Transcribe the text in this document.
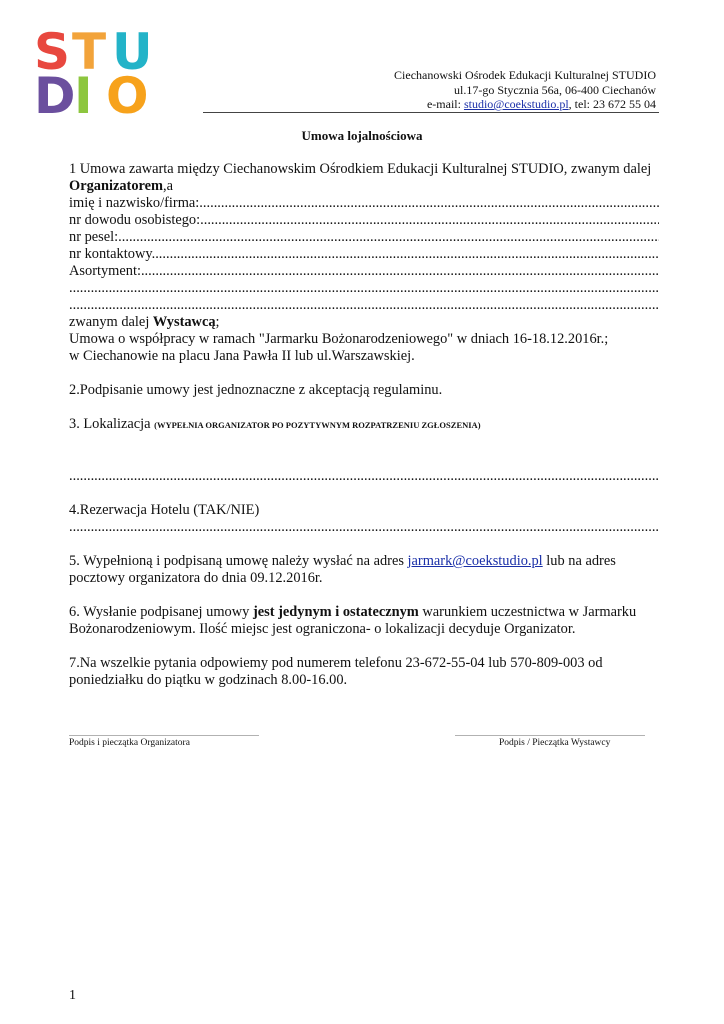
S T U
D I O	Ciechanowski Ośrodek Edukacji Kulturalnej STUDIO
ul.17-go Stycznia 56a, 06-400 Ciechanów
e-mail: studio@coekstudio.pl, tel: 23 672 55 04
Umowa lojalnościowa

1 Umowa zawarta między Ciechanowskim Ośrodkiem Edukacji Kulturalnej STUDIO, zwanym dalej Organizatorem,a

imię i nazwisko/firma: .....

nr dowodu osobistego: .....

nr pesel: .....

nr kontaktowy .....

Asortyment: .....

.....

.....

zwanym dalej Wystawcą;

Umowa o współpracy w ramach "Jarmarku Bożonarodzeniowego" w dniach 16-18.12.2016r.;

w Ciechanowie na placu Jana Pawła II lub ul.Warszawskiej.

2.Podpisanie umowy jest jednoznaczne z akceptacją regulaminu.

3. Lokalizacja (WYPEŁNIA ORGANIZATOR PO POZYTYWNYM ROZPATRZENIU ZGŁOSZENIA)

.....

4.Rezerwacja Hotelu (TAK/NIE)

.....

5. Wypełnioną i podpisaną umowę należy wysłać na adres jarmark@coekstudio.pl lub na adres pocztowy organizatora do dnia 09.12.2016r.

6. Wysłanie podpisanej umowy jest jedynym i ostatecznym warunkiem uczestnictwa w Jarmarku Bożonarodzeniowym. Ilość miejsc jest ograniczona- o lokalizacji decyduje Organizator.

7.Na wszelkie pytania odpowiemy pod numerem telefonu 23-672-55-04 lub 570-809-003 od poniedziałku do piątku w godzinach 8.00-16.00.

...............................................................................................
Podpis i pieczątka Organizatora
...............................................................................................
Podpis / Pieczątka Wystawcy
1
